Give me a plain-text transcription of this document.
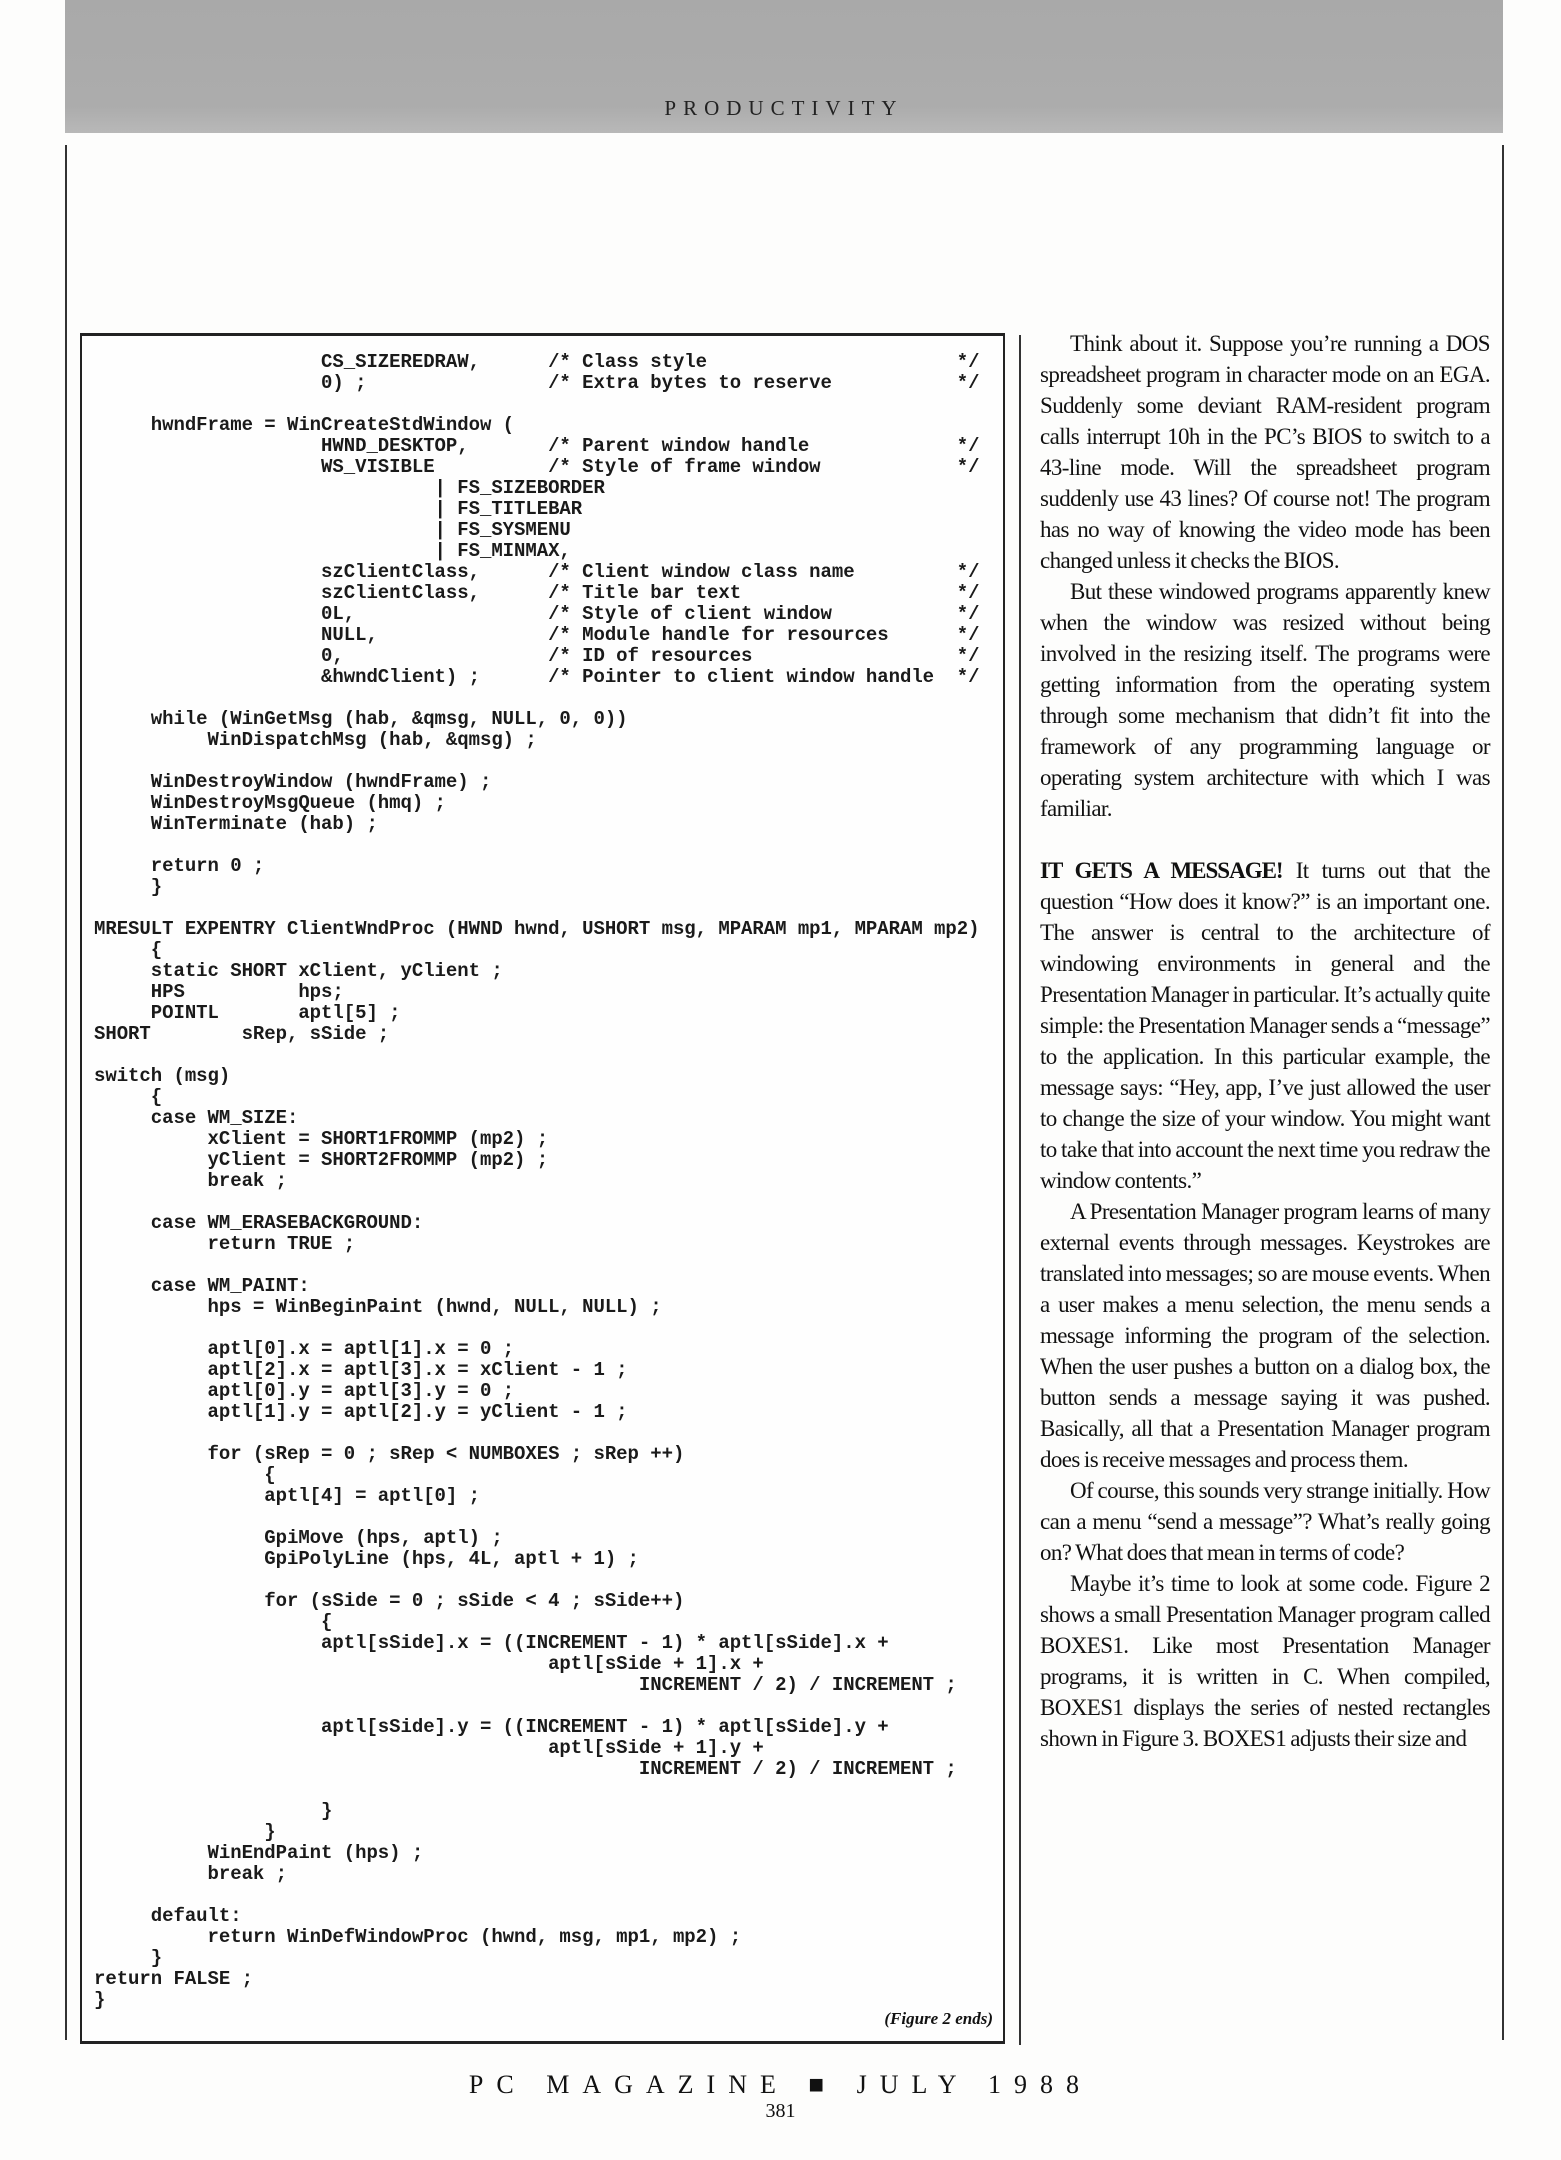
PRODUCTIVITY
CS_SIZEREDRAW,      /* Class style                      */
0) ;                /* Extra bytes to reserve           */

hwndFrame = WinCreateStdWindow (
HWND_DESKTOP,       /* Parent window handle             */
WS_VISIBLE          /* Style of frame window            */
| FS_SIZEBORDER
| FS_TITLEBAR
| FS_SYSMENU
| FS_MINMAX,
szClientClass,      /* Client window class name         */
szClientClass,      /* Title bar text                   */
0L,                 /* Style of client window           */
NULL,               /* Module handle for resources      */
0,                  /* ID of resources                  */
&hwndClient) ;      /* Pointer to client window handle  */

while (WinGetMsg (hab, &qmsg, NULL, 0, 0))
WinDispatchMsg (hab, &qmsg) ;

WinDestroyWindow (hwndFrame) ;
WinDestroyMsgQueue (hmq) ;
WinTerminate (hab) ;

return 0 ;
}

MRESULT EXPENTRY ClientWndProc (HWND hwnd, USHORT msg, MPARAM mp1, MPARAM mp2)
{
static SHORT xClient, yClient ;
HPS          hps;
POINTL       aptl[5] ;
SHORT        sRep, sSide ;

switch (msg)
{
case WM_SIZE:
xClient = SHORT1FROMMP (mp2) ;
yClient = SHORT2FROMMP (mp2) ;
break ;

case WM_ERASEBACKGROUND:
return TRUE ;

case WM_PAINT:
hps = WinBeginPaint (hwnd, NULL, NULL) ;

aptl[0].x = aptl[1].x = 0 ;
aptl[2].x = aptl[3].x = xClient - 1 ;
aptl[0].y = aptl[3].y = 0 ;
aptl[1].y = aptl[2].y = yClient - 1 ;

for (sRep = 0 ; sRep < NUMBOXES ; sRep ++)
{
aptl[4] = aptl[0] ;

GpiMove (hps, aptl) ;
GpiPolyLine (hps, 4L, aptl + 1) ;

for (sSide = 0 ; sSide < 4 ; sSide++)
{
aptl[sSide].x = ((INCREMENT - 1) * aptl[sSide].x +
aptl[sSide + 1].x +
INCREMENT / 2) / INCREMENT ;

aptl[sSide].y = ((INCREMENT - 1) * aptl[sSide].y +
aptl[sSide + 1].y +
INCREMENT / 2) / INCREMENT ;

}
}
WinEndPaint (hps) ;
break ;

default:
return WinDefWindowProc (hwnd, msg, mp1, mp2) ;
}
return FALSE ;
}
(Figure 2 ends)

Think about it. Suppose you’re running a DOS spreadsheet program in character mode on an EGA. Suddenly some deviant RAM-resident program calls interrupt 10h in the PC’s BIOS to switch to a 43-line mode. Will the spreadsheet program suddenly use 43 lines? Of course not! The program has no way of knowing the video mode has been changed unless it checks the BIOS.

But these windowed programs apparently knew when the window was resized without being involved in the resizing itself. The programs were getting information from the operating system through some mechanism that didn’t fit into the framework of any programming language or operating system architecture with which I was familiar.

IT GETS A MESSAGE! It turns out that the question “How does it know?” is an important one. The answer is central to the architecture of windowing environments in general and the Presentation Manager in particular. It’s actually quite simple: the Presentation Manager sends a “message” to the application. In this particular example, the message says: “Hey, app, I’ve just allowed the user to change the size of your window. You might want to take that into account the next time you redraw the window contents.”

A Presentation Manager program learns of many external events through messages. Keystrokes are translated into messages; so are mouse events. When a user makes a menu selection, the menu sends a message informing the program of the selection. When the user pushes a button on a dialog box, the button sends a message saying it was pushed. Basically, all that a Presentation Manager program does is receive messages and process them.

Of course, this sounds very strange initially. How can a menu “send a message”? What’s really going on? What does that mean in terms of code?

Maybe it’s time to look at some code. Figure 2 shows a small Presentation Manager program called BOXES1. Like most Presentation Manager programs, it is written in C. When compiled, BOXES1 displays the series of nested rectangles shown in Figure 3. BOXES1 adjusts their size and

PC MAGAZINE ■ JULY 1988
381
